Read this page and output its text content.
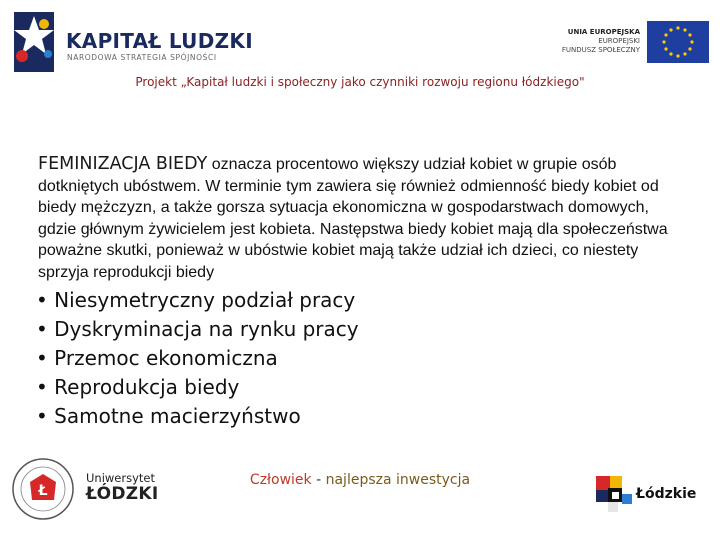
KAPITAŁ LUDZKI
NARODOWA STRATEGIA SPÓJNOŚCI
UNIA EUROPEJSKA
EUROPEJSKI
FUNDUSZ SPOŁECZNY
Projekt „Kapitał ludzki i społeczny jako czynniki rozwoju regionu łódzkiego"
FEMINIZACJA BIEDY oznacza procentowo większy udział kobiet w grupie osób dotkniętych ubóstwem. W terminie tym zawiera się również odmienność biedy kobiet od biedy mężczyzn, a także gorsza sytuacja ekonomiczna w gospodarstwach domowych, gdzie głównym żywicielem jest kobieta. Następstwa biedy kobiet mają dla społeczeństwa poważne skutki, ponieważ w ubóstwie kobiet mają także udział ich dzieci, co niestety sprzyja reprodukcji biedy
• Niesymetryczny podział pracy
• Dyskryminacja na rynku pracy
• Przemoc ekonomiczna
• Reprodukcja biedy
• Samotne macierzyństwo
Ł
Uniwersytet
ŁÓDZKI
Człowiek - najlepsza inwestycja
Łódzkie
